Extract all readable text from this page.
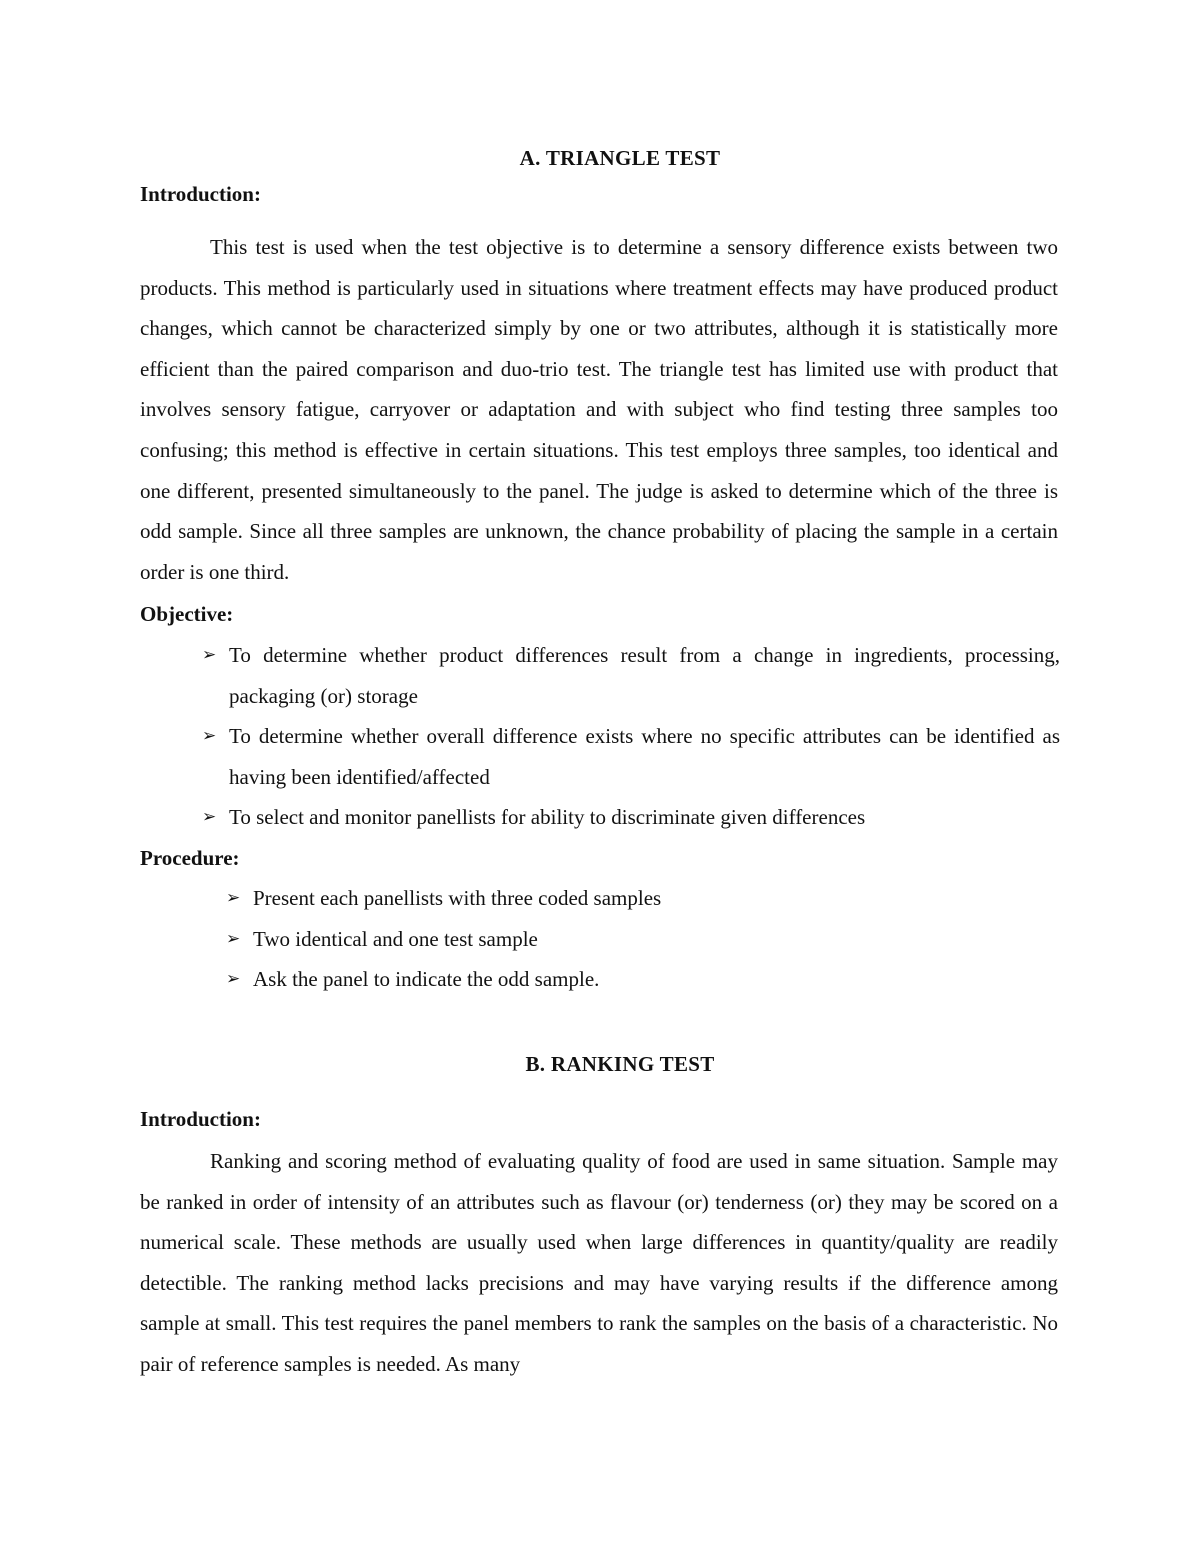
A. TRIANGLE TEST
Introduction:

This test is used when the test objective is to determine a sensory difference exists between two products. This method is particularly used in situations where treatment effects may have produced product changes, which cannot be characterized simply by one or two attributes, although it is statistically more efficient than the paired comparison and duo-trio test. The triangle test has limited use with product that involves sensory fatigue, carryover or adaptation and with subject who find testing three samples too confusing; this method is effective in certain situations. This test employs three samples, too identical and one different, presented simultaneously to the panel. The judge is asked to determine which of the three is odd sample. Since all three samples are unknown, the chance probability of placing the sample in a certain order is one third.

Objective:
➢ To determine whether product differences result from a change in ingredients, processing, packaging (or) storage
➢ To determine whether overall difference exists where no specific attributes can be identified as having been identified/affected
➢ To select and monitor panellists for ability to discriminate given differences
Procedure:
➢ Present each panellists with three coded samples
➢ Two identical and one test sample
➢ Ask the panel to indicate the odd sample.
B. RANKING TEST
Introduction:

Ranking and scoring method of evaluating quality of food are used in same situation. Sample may be ranked in order of intensity of an attributes such as flavour (or) tenderness (or) they may be scored on a numerical scale. These methods are usually used when large differences in quantity/quality are readily detectible. The ranking method lacks precisions and may have varying results if the difference among sample at small. This test requires the panel members to rank the samples on the basis of a characteristic. No pair of reference samples is needed. As many
